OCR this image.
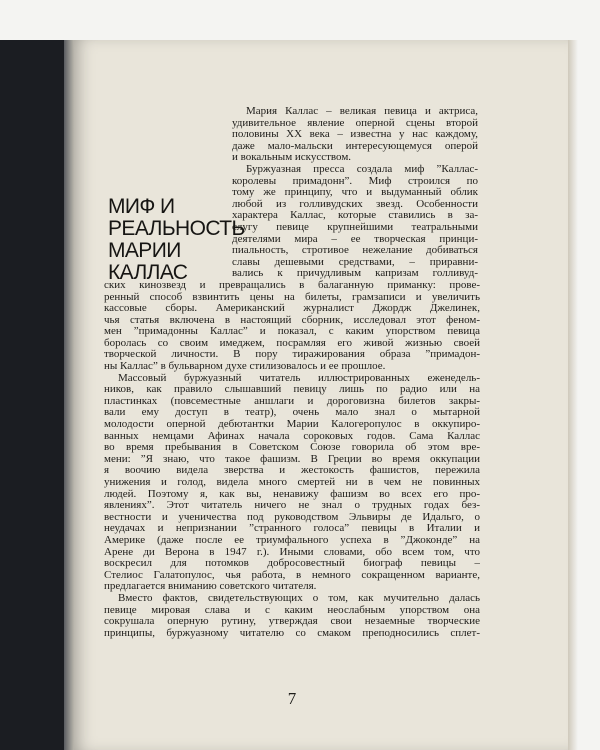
МИФ И
РЕАЛЬНОСТЬ
МАРИИ
КАЛЛАС
Мария Каллас – великая певица и актриса,
удивительное явление оперной сцены второй
половины XX века – известна у нас каждому,
даже мало-мальски интересующемуся оперой
и вокальным искусством.
Буржуазная пресса создала миф ”Каллас-
королевы примадонн”. Миф строился по
тому же принципу, что и выдуманный облик
любой из голливудских звезд. Особенности
характера Каллас, которые ставились в за-
слугу певице крупнейшими театральными
деятелями мира – ее творческая принци-
пиальность, стротивое нежелание добиваться
славы дешевыми средствами, – приравни-
вались к причудливым капризам голливуд-
ских кинозвезд и превращались в балаганную приманку: прове-
ренный способ взвинтить цены на билеты, грамзаписи и увеличить
кассовые сборы. Американский журналист Джордж Джелинек,
чья статья включена в настоящий сборник, исследовал этот феном-
мен ”примадонны Каллас” и показал, с каким упорством певица
боролась со своим имеджем, посрамляя его живой жизнью своей
творческой личности. В пору тиражирования образа ”примадон-
ны Каллас” в бульварном духе стилизовалось и ее прошлое.
Массовый буржуазный читатель иллюстрированных еженедель-
ников, как правило слышавший певицу лишь по радио или на
пластинках (повсеместные аншлаги и дороговизна билетов закры-
вали ему доступ в театр), очень мало знал о мытарной
молодости оперной дебютантки Марии Калогеропулос в оккупиро-
ванных немцами Афинах начала сороковых годов. Сама Каллас
во время пребывания в Советском Союзе говорила об этом вре-
мени: ”Я знаю, что такое фашизм. В Греции во время оккупации
я воочию видела зверства и жестокость фашистов, пережила
унижения и голод, видела много смертей ни в чем не повинных
людей. Поэтому я, как вы, ненавижу фашизм во всех его про-
явлениях”. Этот читатель ничего не знал о трудных годах без-
вестности и ученичества под руководством Эльвиры де Идальго, о
неудачах и непризнании ”странного голоса” певицы в Италии и
Америке (даже после ее триумфального успеха в ”Джоконде” на
Арене ди Верона в 1947 г.). Иными словами, обо всем том, что
воскресил для потомков добросовестный биограф певицы –
Стелиос Галатопулос, чья работа, в немного сокращенном варианте,
предлагается вниманию советского читателя.
Вместо фактов, свидетельствующих о том, как мучительно далась
певице мировая слава и с каким неослабным упорством она
сокрушала оперную рутину, утверждая свои незаемные творческие
принципы, буржуазному читателю со смаком преподносились сплет-
7
